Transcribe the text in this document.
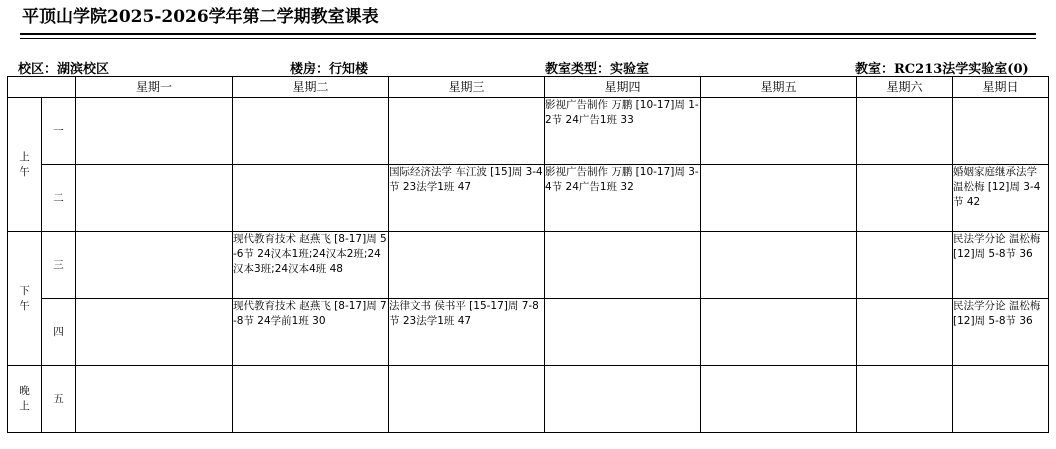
平顶山学院2025-2026学年第二学期教室课表
校区：湖滨校区	楼房：行知楼	教室类型：实验室	教室：RC213法学实验室(0)
		星期一	星期二	星期三	星期四	星期五	星期六	星期日

上午	一				影视广告制作 万鹏 [10-17]周 1-2节 24广告1班 33			
	二			国际经济法学 车江波 [15]周 3-4节 23法学1班 47	影视广告制作 万鹏 [10-17]周 3-4节 24广告1班 32			婚姻家庭继承法学 温松梅 [12]周 3-4节 42

下午	三		现代教育技术 赵燕飞 [8-17]周 5-6节 24汉本1班;24汉本2班;24汉本3班;24汉本4班 48					民法学分论 温松梅 [12]周 5-8节 36
	四		现代教育技术 赵燕飞 [8-17]周 7-8节 24学前1班 30	法律文书 侯书平 [15-17]周 7-8节 23法学1班 47				民法学分论 温松梅 [12]周 5-8节 36

晚上	五							
